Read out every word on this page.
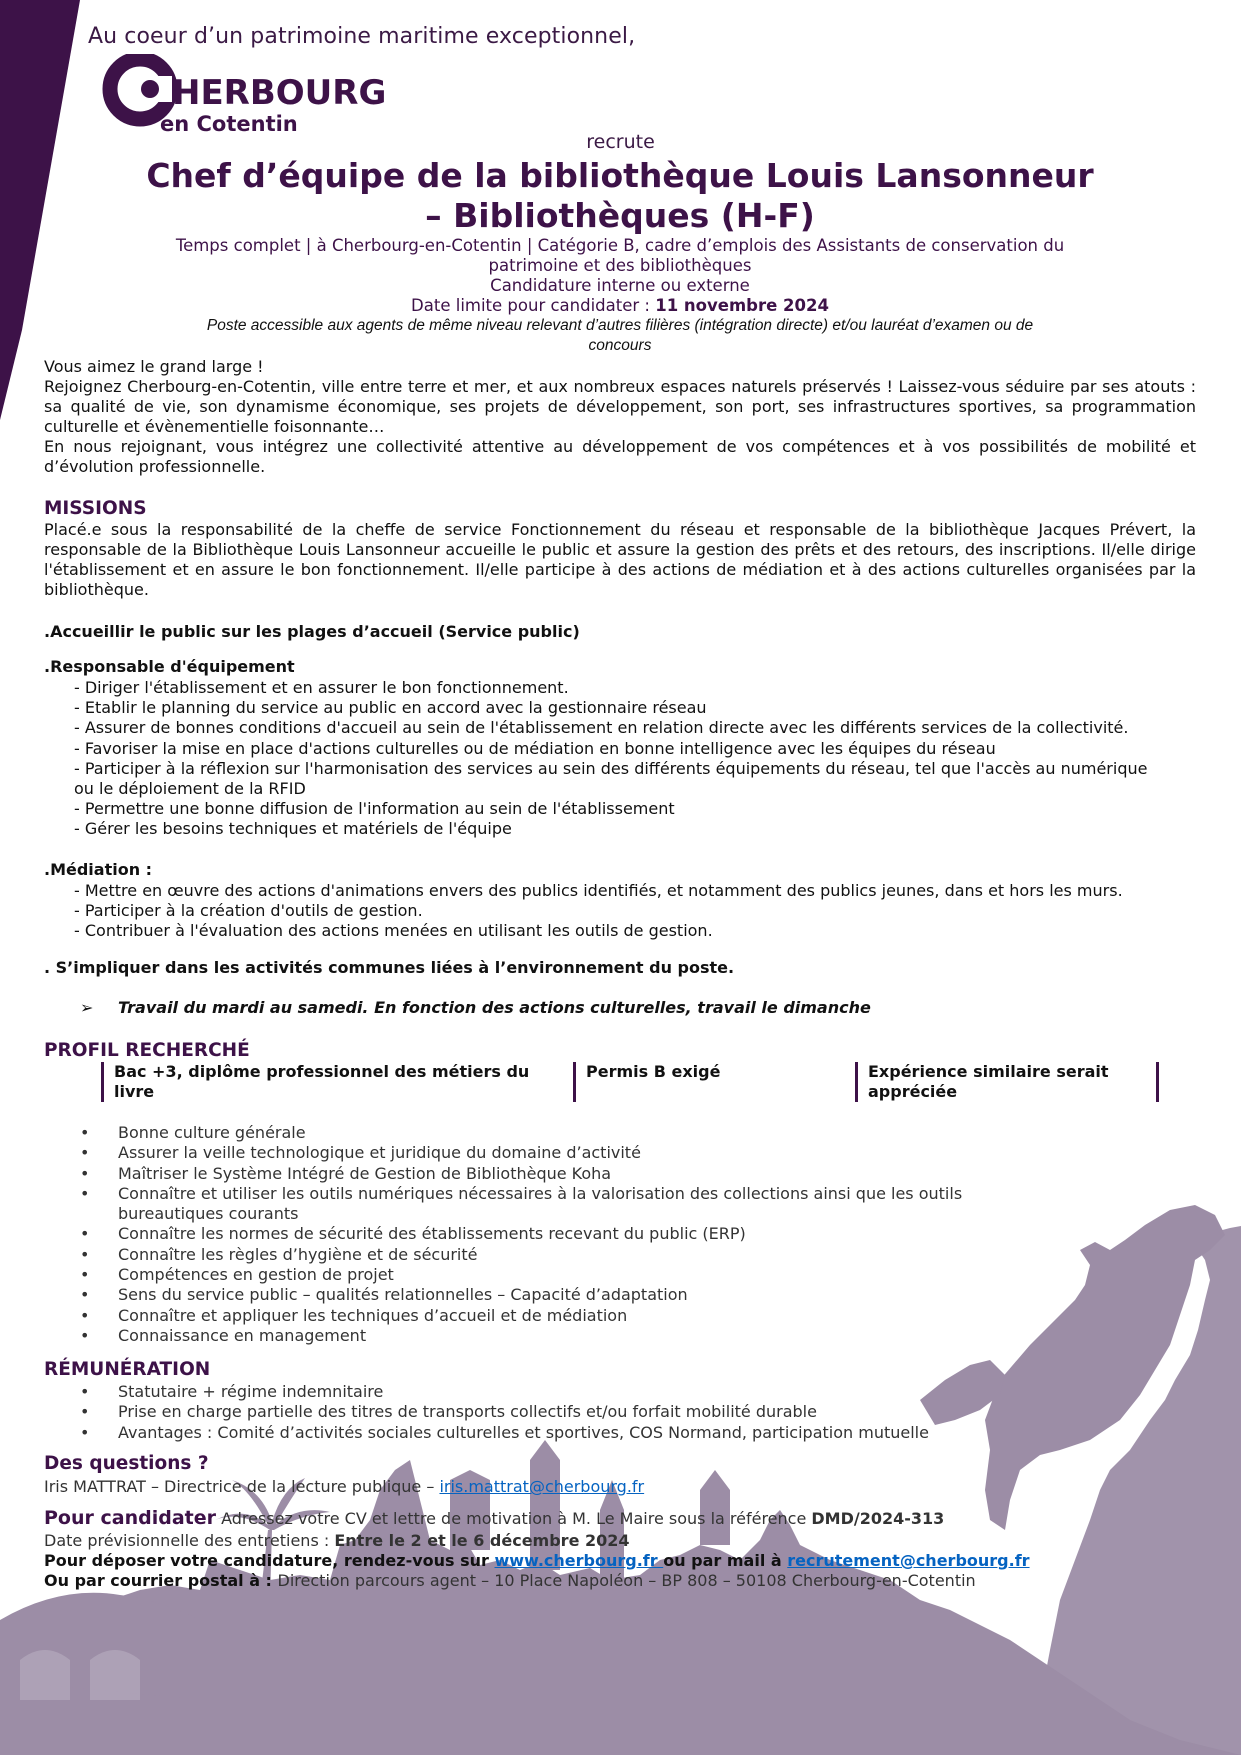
Au coeur d’un patrimoine maritime exceptionnel,
HERBOURG
en Cotentin
recrute
Chef d’équipe de la bibliothèque Louis Lansonneur
– Bibliothèques (H-F)
Temps complet | à Cherbourg-en-Cotentin | Catégorie B, cadre d’emplois des Assistants de conservation du
patrimoine et des bibliothèques
Candidature interne ou externe
Date limite pour candidater : 11 novembre 2024
Poste accessible aux agents de même niveau relevant d’autres filières (intégration directe) et/ou lauréat d’examen ou de
concours
Vous aimez le grand large !
Rejoignez Cherbourg-en-Cotentin, ville entre terre et mer, et aux nombreux espaces naturels préservés ! Laissez-vous séduire par ses atouts : sa qualité de vie, son dynamisme économique, ses projets de développement, son port, ses infrastructures sportives, sa programmation culturelle et évènementielle foisonnante…
En nous rejoignant, vous intégrez une collectivité attentive au développement de vos compétences et à vos possibilités de mobilité et d’évolution professionnelle.
MISSIONS
Placé.e sous la responsabilité de la cheffe de service Fonctionnement du réseau et responsable de la bibliothèque Jacques Prévert, la responsable de la Bibliothèque Louis Lansonneur accueille le public et assure la gestion des prêts et des retours, des inscriptions. Il/elle dirige l'établissement et en assure le bon fonctionnement. Il/elle participe à des actions de médiation et à des actions culturelles organisées par la bibliothèque.
.Accueillir le public sur les plages d’accueil (Service public)
.Responsable d'équipement
- Diriger l'établissement et en assurer le bon fonctionnement.
- Etablir le planning du service au public en accord avec la gestionnaire réseau
- Assurer de bonnes conditions d'accueil au sein de l'établissement en relation directe avec les différents services de la collectivité.
- Favoriser la mise en place d'actions culturelles ou de médiation en bonne intelligence avec les équipes du réseau
- Participer à la réflexion sur l'harmonisation des services au sein des différents équipements du réseau, tel que l'accès au numérique
ou le déploiement de la RFID
- Permettre une bonne diffusion de l'information au sein de l'établissement
- Gérer les besoins techniques et matériels de l'équipe
.Médiation :
- Mettre en œuvre des actions d'animations envers des publics identifiés, et notamment des publics jeunes, dans et hors les murs.
- Participer à la création d'outils de gestion.
- Contribuer à l'évaluation des actions menées en utilisant les outils de gestion.
. S’impliquer dans les activités communes liées à l’environnement du poste.
➢ Travail du mardi au samedi. En fonction des actions culturelles, travail le dimanche
PROFIL RECHERCHÉ
Bac +3, diplôme professionnel des métiers du livre
Permis B exigé	Expérience similaire serait appréciée
•	Bonne culture générale
•	Assurer la veille technologique et juridique du domaine d’activité
•	Maîtriser le Système Intégré de Gestion de Bibliothèque Koha
•	Connaître et utiliser les outils numériques nécessaires à la valorisation des collections ainsi que les outils
bureautiques courants
•	Connaître les normes de sécurité des établissements recevant du public (ERP)
•	Connaître les règles d’hygiène et de sécurité
•	Compétences en gestion de projet
•	Sens du service public – qualités relationnelles – Capacité d’adaptation
•	Connaître et appliquer les techniques d’accueil et de médiation
•	Connaissance en management
RÉMUNÉRATION
•	Statutaire + régime indemnitaire
•	Prise en charge partielle des titres de transports collectifs et/ou forfait mobilité durable
•	Avantages : Comité d’activités sociales culturelles et sportives, COS Normand, participation mutuelle
Des questions ?
Iris MATTRAT – Directrice de la lecture publique – iris.mattrat@cherbourg.fr
Pour candidater Adressez votre CV et lettre de motivation à M. Le Maire sous la référence DMD/2024-313
Date prévisionnelle des entretiens : Entre le 2 et le 6 décembre 2024
Pour déposer votre candidature, rendez-vous sur www.cherbourg.fr ou par mail à recrutement@cherbourg.fr
Ou par courrier postal à : Direction parcours agent – 10 Place Napoléon – BP 808 – 50108 Cherbourg-en-Cotentin
